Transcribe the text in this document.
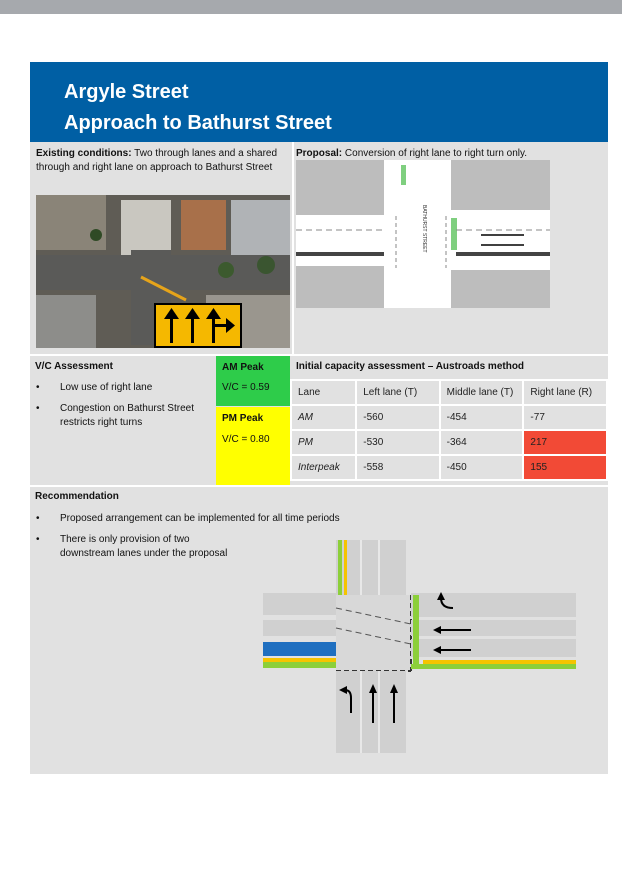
Argyle Street
Approach to Bathurst Street
Existing conditions: Two through lanes and a shared through and right lane on approach to Bathurst Street
Proposal: Conversion of right lane to right turn only.
BATHURST STREET
V/C Assessment
• Low use of right lane
• Congestion on Bathurst Street restricts right turns
AM Peak
V/C = 0.59
PM Peak
V/C = 0.80
Initial capacity assessment – Austroads method
Lane	Left lane (T)	Middle lane (T)	Right lane (R)
AM	-560	-454	-77
PM	-530	-364	217
Interpeak	-558	-450	155
Recommendation
• Proposed arrangement can be implemented for all time periods
• There is only provision of two downstream lanes under the proposal
